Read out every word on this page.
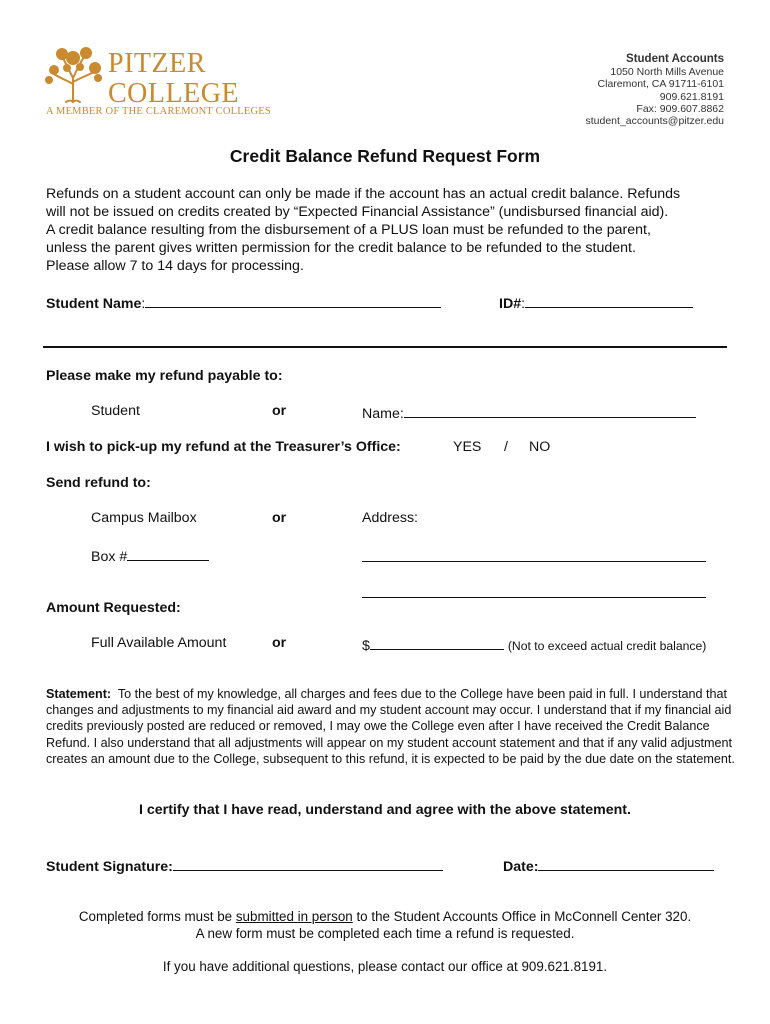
PITZER
COLLEGE
A MEMBER OF THE CLAREMONT COLLEGES
Student Accounts
1050 North Mills Avenue
Claremont, CA 91711-6101
909.621.8191
Fax: 909.607.8862
student_accounts@pitzer.edu
Credit Balance Refund Request Form
Refunds on a student account can only be made if the account has an actual credit balance. Refunds
will not be issued on credits created by “Expected Financial Assistance” (undisbursed financial aid).
A credit balance resulting from the disbursement of a PLUS loan must be refunded to the parent,
unless the parent gives written permission for the credit balance to be refunded to the student.
Please allow 7 to 14 days for processing.
Student Name:	ID#:
Please make my refund payable to:
Student	or	Name:
I wish to pick-up my refund at the Treasurer’s Office:	YES / NO
Send refund to:
Campus Mailbox	or	Address:
Box #
Amount Requested:
Full Available Amount	or	$	(Not to exceed actual credit balance)
Statement: To the best of my knowledge, all charges and fees due to the College have been paid in full. I understand that changes and adjustments to my financial aid award and my student account may occur. I understand that if my financial aid credits previously posted are reduced or removed, I may owe the College even after I have received the Credit Balance Refund. I also understand that all adjustments will appear on my student account statement and that if any valid adjustment creates an amount due to the College, subsequent to this refund, it is expected to be paid by the due date on the statement.
I certify that I have read, understand and agree with the above statement.
Student Signature:	Date:
Completed forms must be submitted in person to the Student Accounts Office in McConnell Center 320.
A new form must be completed each time a refund is requested.
If you have additional questions, please contact our office at 909.621.8191.
